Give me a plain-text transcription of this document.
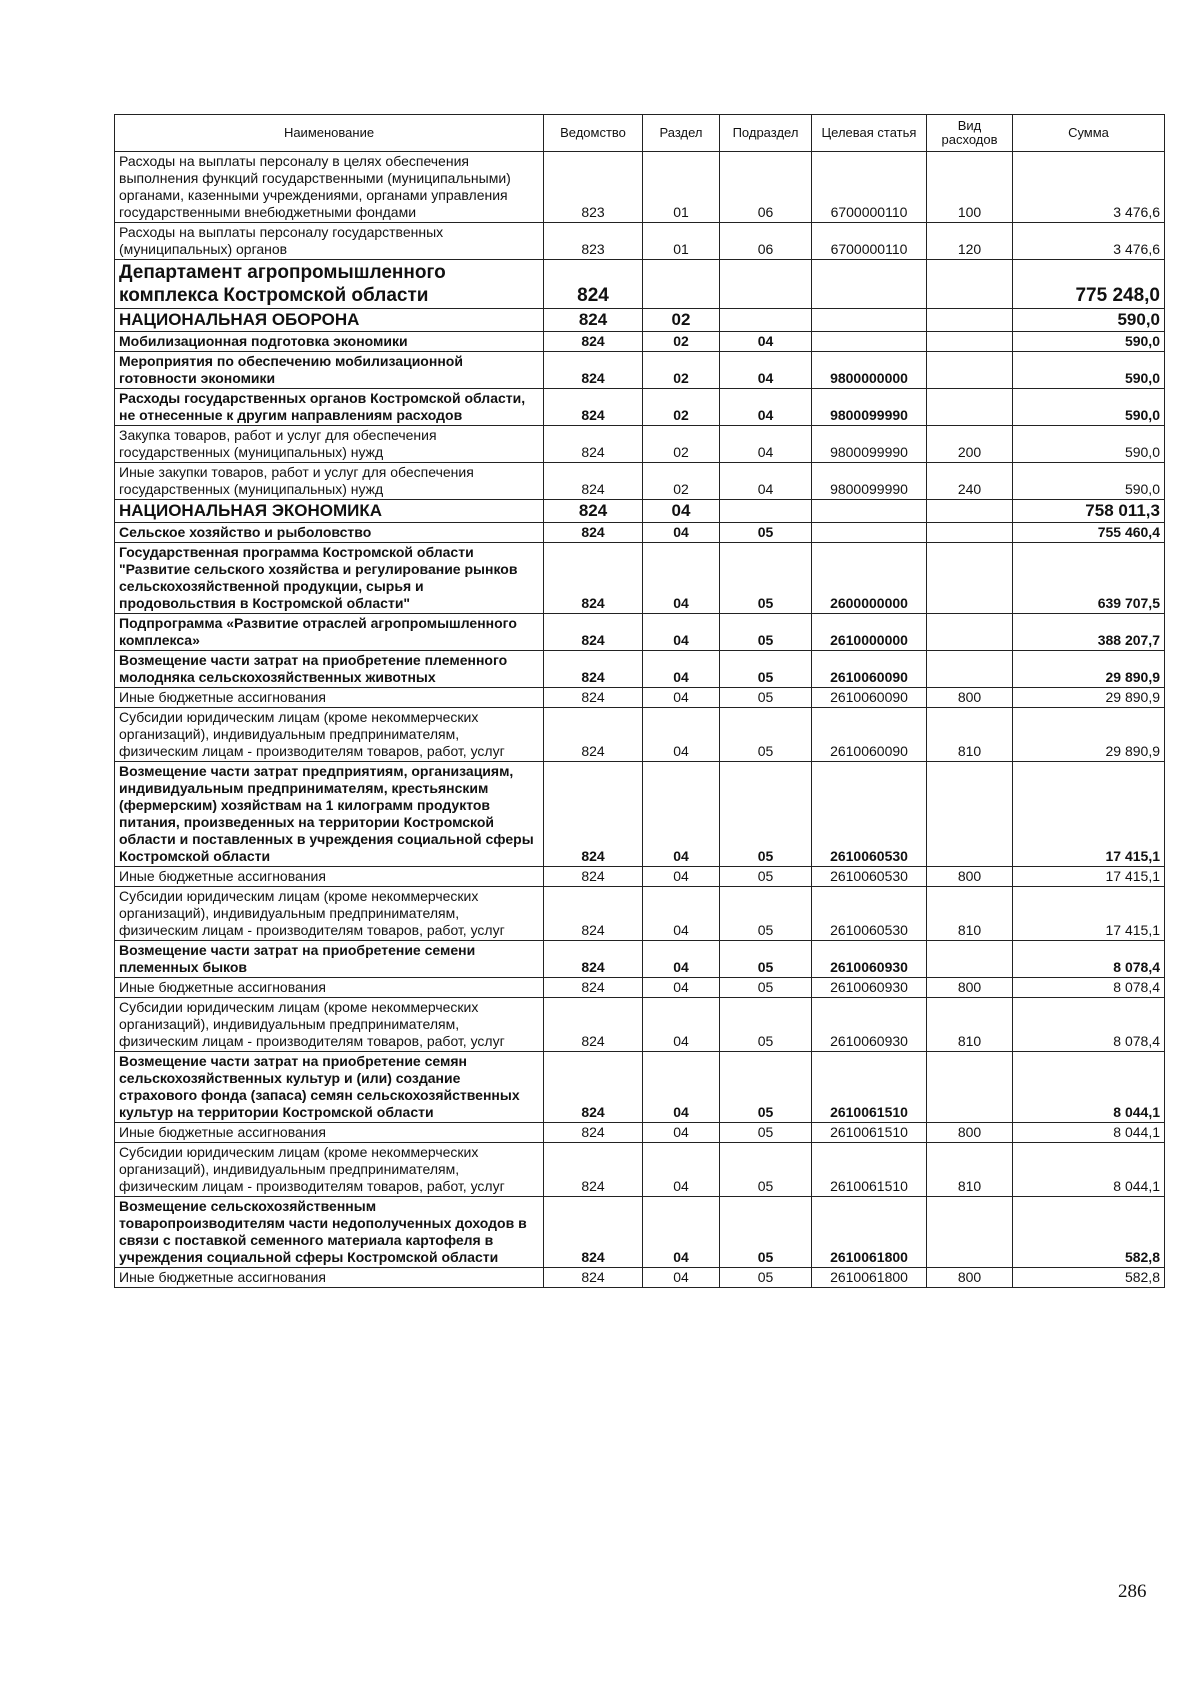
Наименование	Ведомство	Раздел	Подраздел	Целевая статья	Вид расходов	Сумма
Расходы на выплаты персоналу в целях обеспечения выполнения функций государственными (муниципальными) органами, казенными учреждениями, органами управления государственными внебюджетными фондами	823	01	06	6700000110	100	3 476,6
Расходы на выплаты персоналу государственных (муниципальных) органов	823	01	06	6700000110	120	3 476,6
Департамент агропромышленного комплекса Костромской области	824					775 248,0
НАЦИОНАЛЬНАЯ ОБОРОНА	824	02				590,0
Мобилизационная подготовка экономики	824	02	04			590,0
Мероприятия по обеспечению мобилизационной готовности экономики	824	02	04	9800000000		590,0
Расходы государственных органов Костромской области, не отнесенные к другим направлениям расходов	824	02	04	9800099990		590,0
Закупка товаров, работ и услуг для обеспечения государственных (муниципальных) нужд	824	02	04	9800099990	200	590,0
Иные закупки товаров, работ и услуг для обеспечения государственных (муниципальных) нужд	824	02	04	9800099990	240	590,0
НАЦИОНАЛЬНАЯ ЭКОНОМИКА	824	04				758 011,3
Сельское хозяйство и рыболовство	824	04	05			755 460,4
Государственная программа Костромской области "Развитие сельского хозяйства и регулирование рынков сельскохозяйственной продукции, сырья и продовольствия в Костромской области"	824	04	05	2600000000		639 707,5
Подпрограмма «Развитие отраслей агропромышленного комплекса»	824	04	05	2610000000		388 207,7
Возмещение части затрат на приобретение племенного молодняка сельскохозяйственных животных	824	04	05	2610060090		29 890,9
Иные бюджетные ассигнования	824	04	05	2610060090	800	29 890,9
Субсидии юридическим лицам (кроме некоммерческих организаций), индивидуальным предпринимателям, физическим лицам - производителям товаров, работ, услуг	824	04	05	2610060090	810	29 890,9
Возмещение части затрат предприятиям, организациям, индивидуальным предпринимателям, крестьянским (фермерским) хозяйствам на 1 килограмм продуктов питания, произведенных на территории Костромской области и поставленных в учреждения социальной сферы Костромской области	824	04	05	2610060530		17 415,1
Иные бюджетные ассигнования	824	04	05	2610060530	800	17 415,1
Субсидии юридическим лицам (кроме некоммерческих организаций), индивидуальным предпринимателям, физическим лицам - производителям товаров, работ, услуг	824	04	05	2610060530	810	17 415,1
Возмещение части затрат на приобретение семени племенных быков	824	04	05	2610060930		8 078,4
Иные бюджетные ассигнования	824	04	05	2610060930	800	8 078,4
Субсидии юридическим лицам (кроме некоммерческих организаций), индивидуальным предпринимателям, физическим лицам - производителям товаров, работ, услуг	824	04	05	2610060930	810	8 078,4
Возмещение части затрат на приобретение семян сельскохозяйственных культур и (или) создание страхового фонда (запаса) семян сельскохозяйственных культур на территории Костромской области	824	04	05	2610061510		8 044,1
Иные бюджетные ассигнования	824	04	05	2610061510	800	8 044,1
Субсидии юридическим лицам (кроме некоммерческих организаций), индивидуальным предпринимателям, физическим лицам - производителям товаров, работ, услуг	824	04	05	2610061510	810	8 044,1
Возмещение сельскохозяйственным товаропроизводителям части недополученных доходов в связи с поставкой семенного материала картофеля в учреждения социальной сферы Костромской области	824	04	05	2610061800		582,8
Иные бюджетные ассигнования	824	04	05	2610061800	800	582,8
286
